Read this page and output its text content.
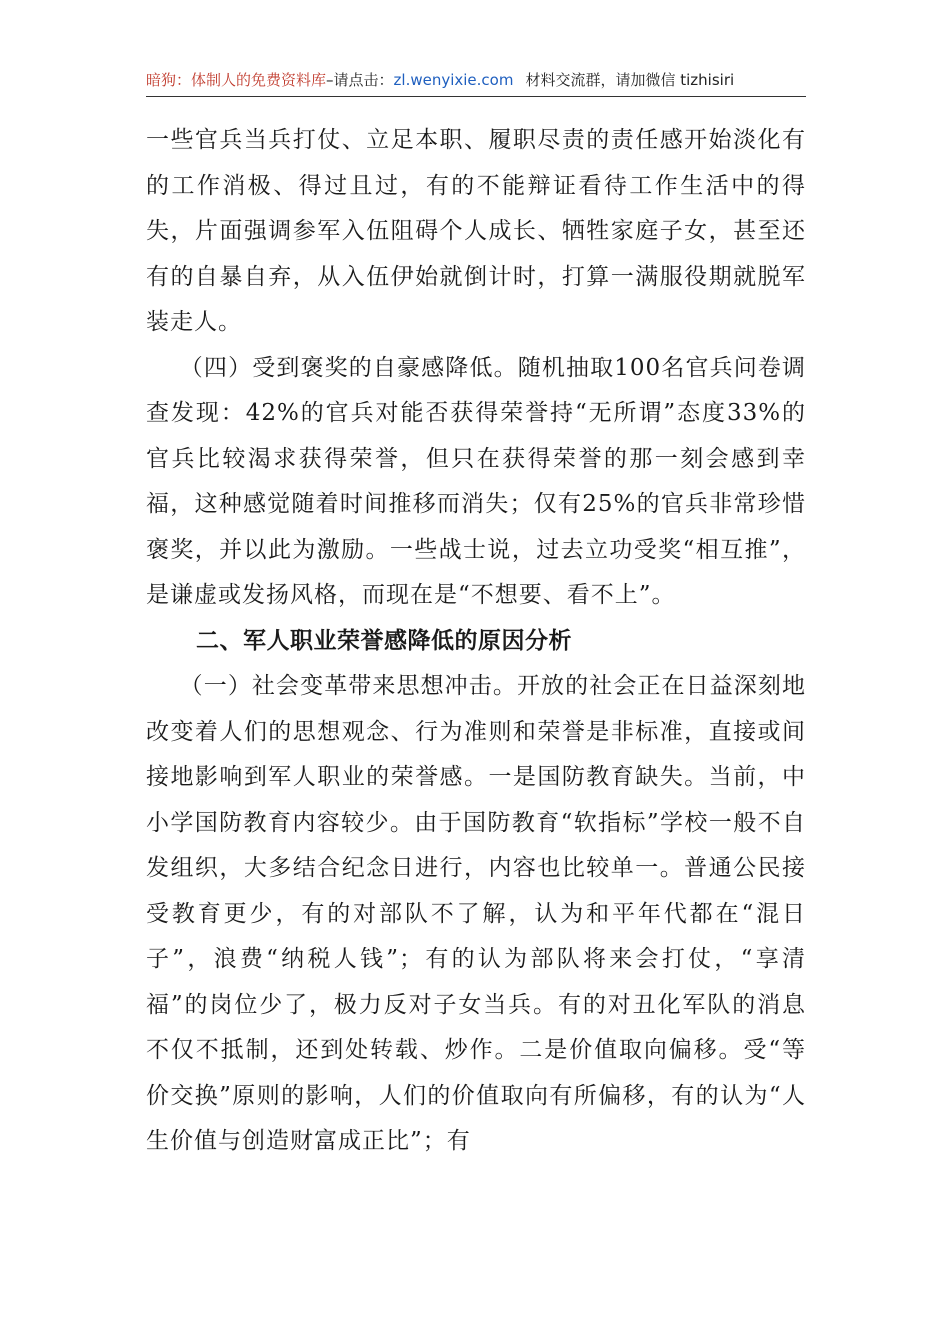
暗狗：体制人的免费资料库–请点击：zl.wenyixie.com 材料交流群，请加微信 tizhisiri

一些官兵当兵打仗、立足本职、履职尽责的责任感开始淡化有的工作消极、得过且过，有的不能辩证看待工作生活中的得失，片面强调参军入伍阻碍个人成长、牺牲家庭子女，甚至还有的自暴自弃，从入伍伊始就倒计时，打算一满服役期就脱军装走人。

（四）受到褒奖的自豪感降低。随机抽取100名官兵问卷调查发现：42%的官兵对能否获得荣誉持“无所谓”态度33%的官兵比较渴求获得荣誉，但只在获得荣誉的那一刻会感到幸福，这种感觉随着时间推移而消失；仅有25%的官兵非常珍惜褒奖，并以此为激励。一些战士说，过去立功受奖“相互推”，是谦虚或发扬风格，而现在是“不想要、看不上”。

二、军人职业荣誉感降低的原因分析

（一）社会变革带来思想冲击。开放的社会正在日益深刻地改变着人们的思想观念、行为准则和荣誉是非标准，直接或间接地影响到军人职业的荣誉感。一是国防教育缺失。当前，中小学国防教育内容较少。由于国防教育“软指标”学校一般不自发组织，大多结合纪念日进行，内容也比较单一。普通公民接受教育更少，有的对部队不了解，认为和平年代都在“混日子”，浪费“纳税人钱”；有的认为部队将来会打仗，“享清福”的岗位少了，极力反对子女当兵。有的对丑化军队的消息不仅不抵制，还到处转载、炒作。二是价值取向偏移。受“等价交换”原则的影响，人们的价值取向有所偏移，有的认为“人生价值与创造财富成正比”；有
